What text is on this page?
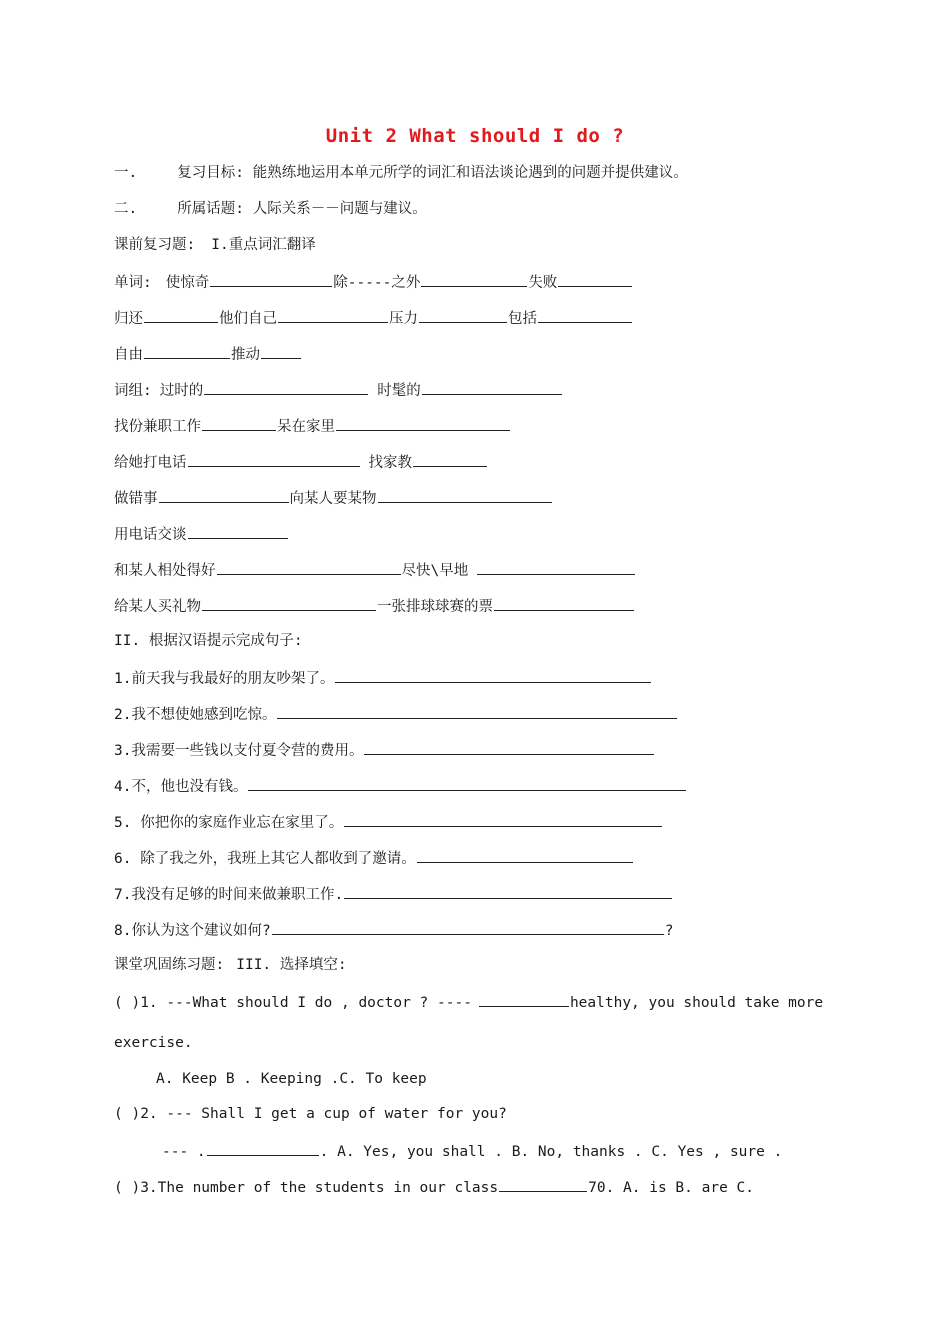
Unit 2 What should I do ?
一.	复习目标: 能熟练地运用本单元所学的词汇和语法谈论遇到的问题并提供建议。
二.	所属话题: 人际关系－－问题与建议。
课前复习题: I.重点词汇翻译
单词: 使惊奇	除-----之外	失败
归还	他们自己	压力	包括
自由	推动
词组: 过时的	时髦的
找份兼职工作	呆在家里
给她打电话	找家教
做错事	向某人要某物
用电话交谈
和某人相处得好	尽快\早地
给某人买礼物	一张排球球赛的票
II. 根据汉语提示完成句子:
1.前天我与我最好的朋友吵架了。
2.我不想使她感到吃惊。
3.我需要一些钱以支付夏令营的费用。
4.不，他也没有钱。
5. 你把你的家庭作业忘在家里了。
6. 除了我之外，我班上其它人都收到了邀请。
7.我没有足够的时间来做兼职工作.
8.你认为这个建议如何?	?
课堂巩固练习题: III. 选择填空:
( )1. ---What should I do , doctor ? ----	healthy, you should take more
exercise.
A. Keep B . Keeping .C. To keep
( )2. --- Shall I get a cup of water for you?
--- .	. A. Yes, you shall . B. No, thanks . C. Yes , sure .
( )3.The number of the students in our class	70. A. is B. are C.
